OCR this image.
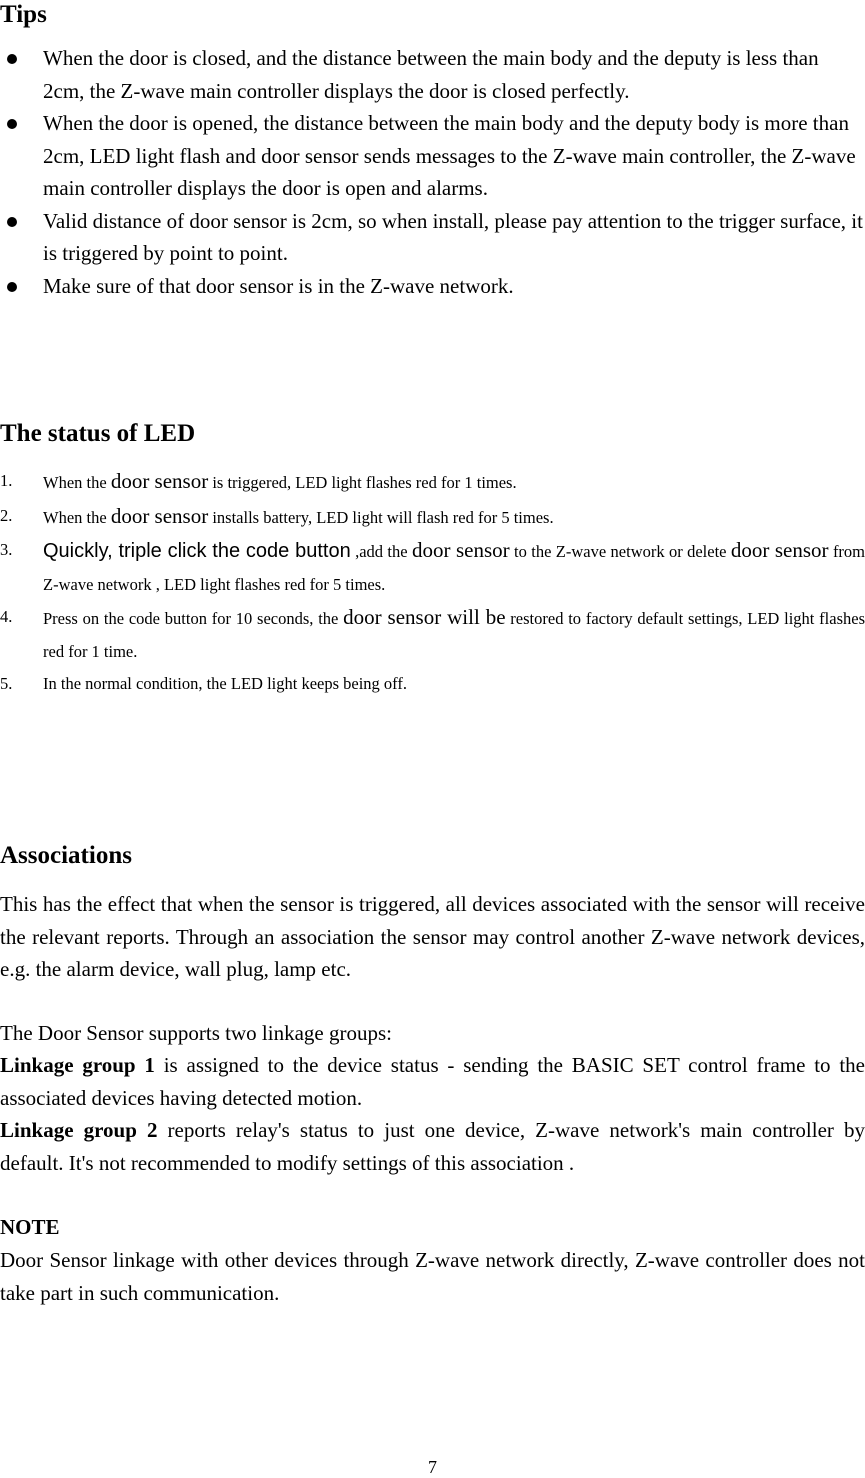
Tips
When the door is closed, and the distance between the main body and the deputy is less than 2cm, the Z-wave main controller displays the door is closed perfectly.
When the door is opened, the distance between the main body and the deputy body is more than 2cm, LED light flash and door sensor sends messages to the Z-wave main controller, the Z-wave main controller displays the door is open and alarms.
Valid distance of door sensor is 2cm, so when install, please pay attention to the trigger surface, it is triggered by point to point.
Make sure of that door sensor is in the Z-wave network.
The status of LED
1. When the door sensor is triggered, LED light flashes red for 1 times.
2. When the door sensor installs battery, LED light will flash red for 5 times.
3. Quickly, triple click the code button ,add the door sensor to the Z-wave network or delete door sensor from Z-wave network , LED light flashes red for 5 times.
4. Press on the code button for 10 seconds, the door sensor will be restored to factory default settings, LED light flashes red for 1 time.
5. In the normal condition, the LED light keeps being off.
Associations

This has the effect that when the sensor is triggered, all devices associated with the sensor will receive the relevant reports. Through an association the sensor may control another Z-wave network devices, e.g. the alarm device, wall plug, lamp etc.

The Door Sensor supports two linkage groups:

Linkage group 1 is assigned to the device status - sending the BASIC SET control frame to the associated devices having detected motion.

Linkage group 2 reports relay's status to just one device, Z-wave network's main controller by default. It's not recommended to modify settings of this association .

NOTE

Door Sensor linkage with other devices through Z-wave network directly, Z-wave controller does not take part in such communication.

7
